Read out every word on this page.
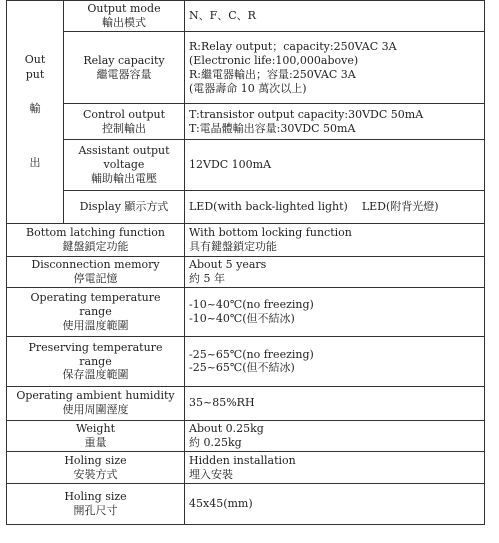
Out
put
輸
出	Output mode
輸出模式	N、F、C、R

	Relay capacity
繼電器容量	R:Relay output；capacity:250VAC 3A
(Electronic life:100,000above)
R:繼電器輸出；容量:250VAC 3A
(電器壽命 10 萬次以上)

	Control output
控制輸出	T:transistor output capacity:30VDC 50mA
T:電晶體輸出容量:30VDC 50mA

	Assistant output
voltage
輔助輸出電壓	12VDC 100mA

	Display 顯示方式	LED(with back-lighted light)    LED(附背光燈)

Bottom latching function
鍵盤鎖定功能		With bottom locking function
具有鍵盤鎖定功能

Disconnection memory
停電記憶		About 5 years
約 5 年

Operating temperature
range
使用溫度範圍		-10~40℃(no freezing)
-10~40℃(但不結冰)

Preserving temperature
range
保存溫度範圍		-25~65℃(no freezing)
-25~65℃(但不結冰)

Operating ambient humidity
使用周圍溼度		35~85%RH

Weight
重量		About 0.25kg
約 0.25kg

Holing size
安裝方式		Hidden installation
埋入安裝

Holing size
開孔尺寸		45x45(mm)
